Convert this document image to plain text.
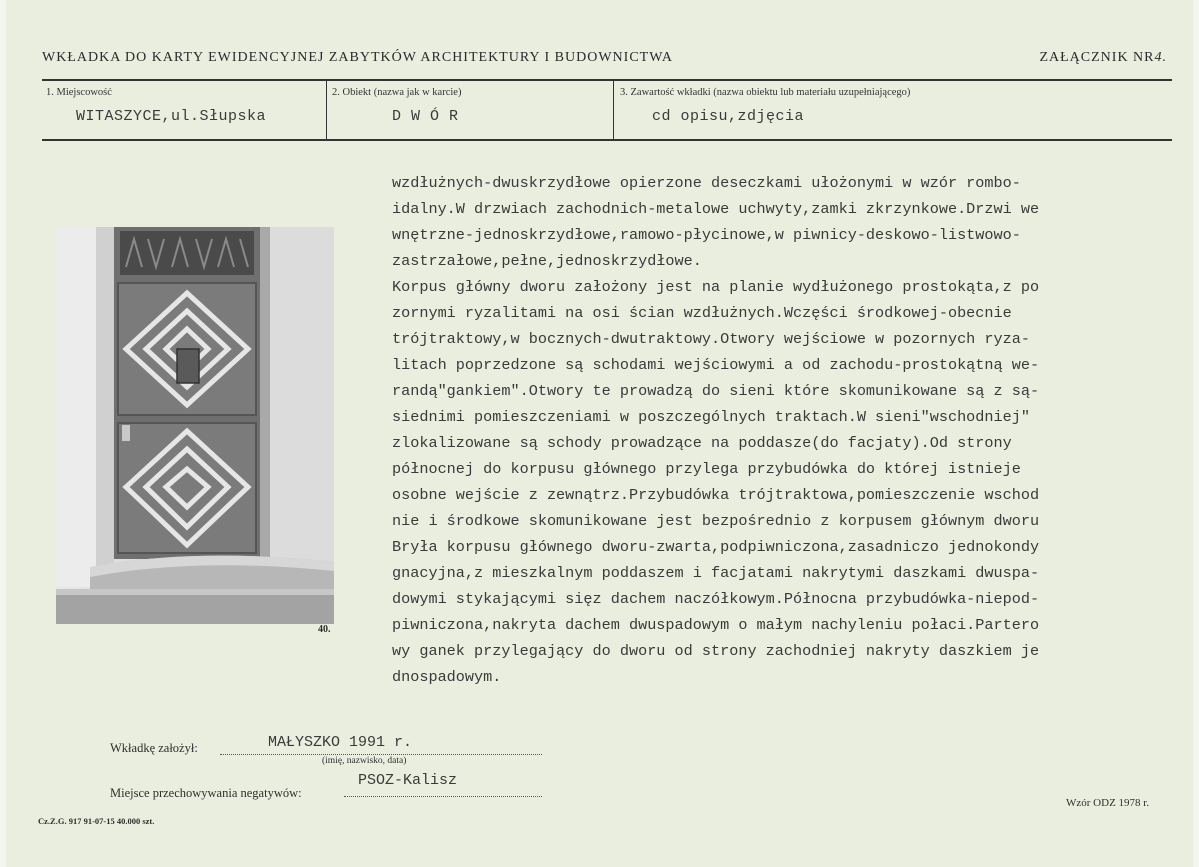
WKŁADKA DO KARTY EWIDENCYJNEJ ZABYTKÓW ARCHITEKTURY I BUDOWNICTWA	ZAŁĄCZNIK NR4.
1. Miejscowość
WITASZYCE,ul.Słupska
2. Obiekt (nazwa jak w karcie)
D W Ó R
3. Zawartość wkładki (nazwa obiektu lub materiału uzupełniającego)
cd opisu,zdjęcia
40.
wzdłużnych-dwuskrzydłowe opierzone deseczkami ułożonymi w wzór rombo-
idalny.W drzwiach zachodnich-metalowe uchwyty,zamki zkrzynkowe.Drzwi we
wnętrzne-jednoskrzydłowe,ramowo-płycinowe,w piwnicy-deskowo-listwowo-
zastrzałowe,pełne,jednoskrzydłowe.
Korpus główny dworu założony jest na planie wydłużonego prostokąta,z po
zornymi ryzalitami na osi ścian wzdłużnych.Wczęści środkowej-obecnie
trójtraktowy,w bocznych-dwutraktowy.Otwory wejściowe w pozornych ryza-
litach poprzedzone są schodami wejściowymi a od zachodu-prostokątną we-
randą"gankiem".Otwory te prowadzą do sieni które skomunikowane są z są-
siednimi pomieszczeniami w poszczególnych traktach.W sieni"wschodniej"
zlokalizowane są schody prowadzące na poddasze(do facjaty).Od strony
północnej do korpusu głównego przylega przybudówka do której istnieje
osobne wejście z zewnątrz.Przybudówka trójtraktowa,pomieszczenie wschod
nie i środkowe skomunikowane jest bezpośrednio z korpusem głównym dworu
Bryła korpusu głównego dworu-zwarta,podpiwniczona,zasadniczo jednokondy
gnacyjna,z mieszkalnym poddaszem i facjatami nakrytymi daszkami dwuspa-
dowymi stykającymi sięz dachem naczółkowym.Północna przybudówka-niepod-
piwniczona,nakryta dachem dwuspadowym o małym nachyleniu połaci.Partero
wy ganek przylegający do dworu od strony zachodniej nakryty daszkiem je
dnospadowym.
Wkładkę założył:	MAŁYSZKO 1991 r.
(imię, nazwisko, data)
Miejsce przechowywania negatywów:
PSOZ-Kalisz
Cz.Z.G. 917 91-07-15 40.000 szt.
Wzór ODZ 1978 r.
